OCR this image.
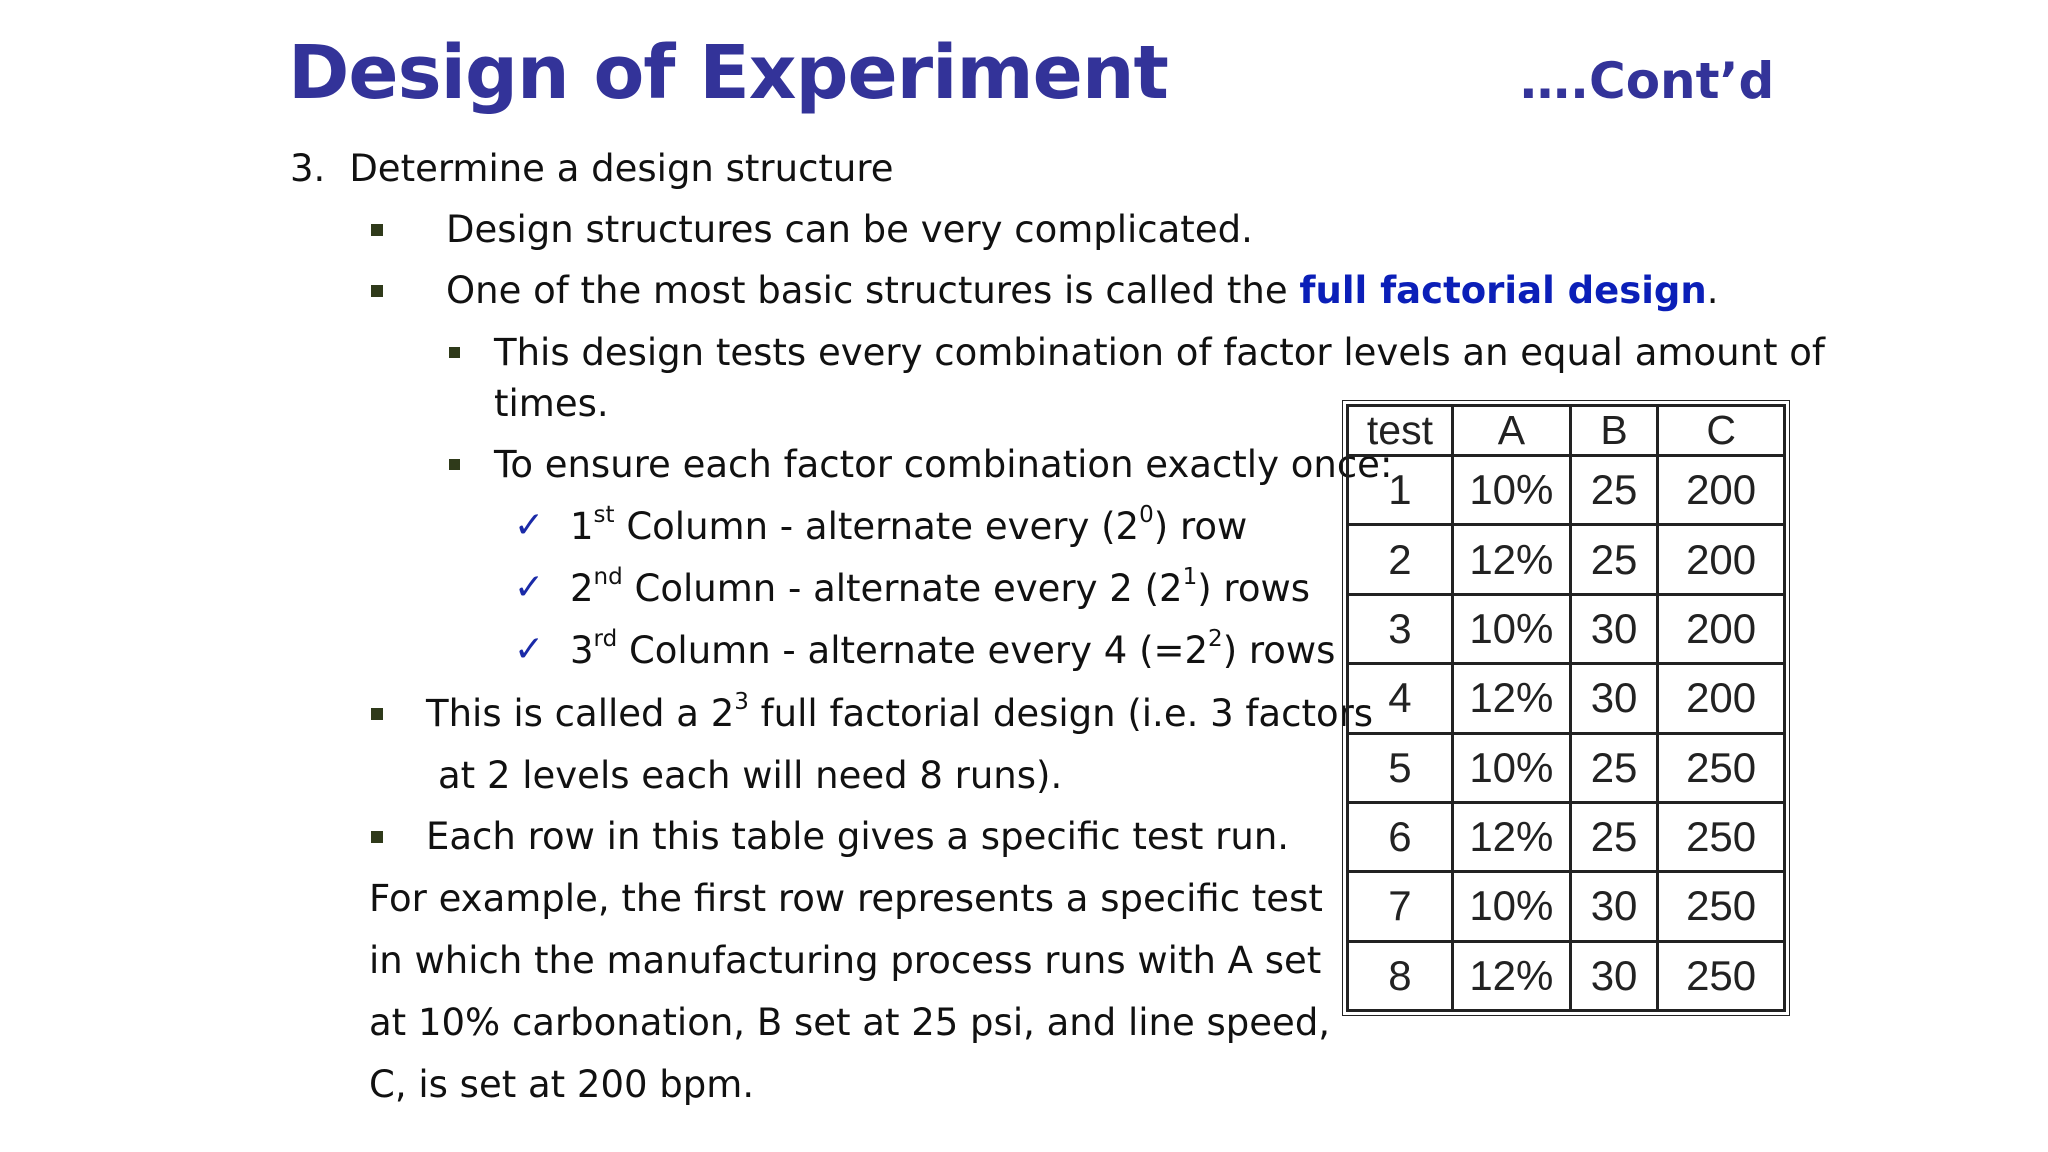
Design of Experiment	….Cont’d
3. Determine a design structure
Design structures can be very complicated.
One of the most basic structures is called the full factorial design.
This design tests every combination of factor levels an equal amount of
times.
To ensure each factor combination exactly once:
✓ 1st Column - alternate every $(2^0)$ row
✓ 2nd Column - alternate every 2 $(2^1)$ rows
✓ 3rd Column - alternate every 4 $(=2^2)$ rows
This is called a $2^3$ full factorial design (i.e. 3 factors
at 2 levels each will need 8 runs).
Each row in this table gives a specific test run.
For example, the first row represents a specific test
in which the manufacturing process runs with A set
at 10% carbonation, B set at 25 psi, and line speed,
C, is set at 200 bpm.
test	A	B	C
1	10%	25	200
2	12%	25	200
3	10%	30	200
4	12%	30	200
5	10%	25	250
6	12%	25	250
7	10%	30	250
8	12%	30	250
